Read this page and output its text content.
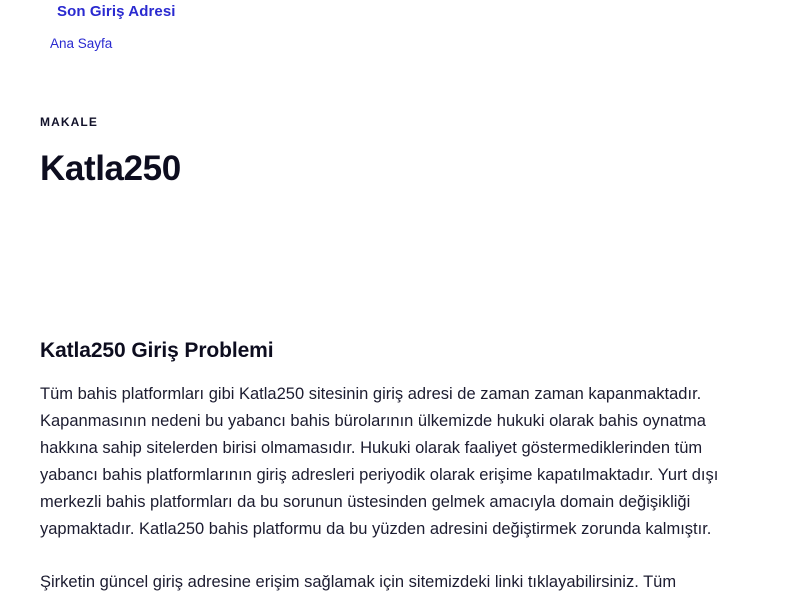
Son Giriş Adresi
Ana Sayfa
MAKALE
Katla250
Katla250 Giriş Problemi

Tüm bahis platformları gibi Katla250 sitesinin giriş adresi de zaman zaman kapanmaktadır. Kapanmasının nedeni bu yabancı bahis bürolarının ülkemizde hukuki olarak bahis oynatma hakkına sahip sitelerden birisi olmamasıdır. Hukuki olarak faaliyet göstermediklerinden tüm yabancı bahis platformlarının giriş adresleri periyodik olarak erişime kapatılmaktadır. Yurt dışı merkezli bahis platformları da bu sorunun üstesinden gelmek amacıyla domain değişikliği yapmaktadır. Katla250 bahis platformu da bu yüzden adresini değiştirmek zorunda kalmıştır.

Şirketin güncel giriş adresine erişim sağlamak için sitemizdeki linki tıklayabilirsiniz. Tüm
